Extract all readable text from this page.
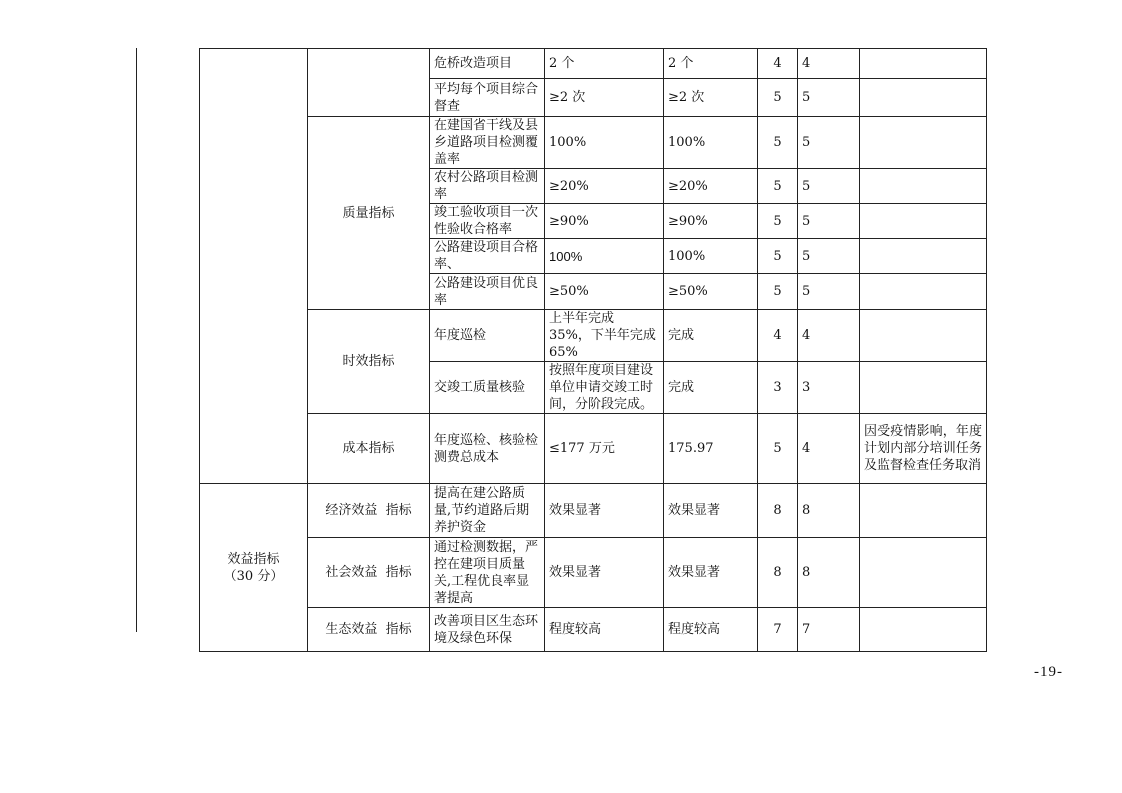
		危桥改造项目	2 个	2 个	4	4	
		平均每个项目综合督查	≥2 次	≥2 次	5	5	
	质量指标	在建国省干线及县乡道路项目检测覆盖率	100%	100%	5	5	
		农村公路项目检测率	≥20%	≥20%	5	5	
		竣工验收项目一次性验收合格率	≥90%	≥90%	5	5	
		公路建设项目合格率、	100%	100%	5	5	
		公路建设项目优良率	≥50%	≥50%	5	5	
	时效指标	年度巡检	上半年完成 35%，下半年完成 65%	完成	4	4	
		交竣工质量核验	按照年度项目建设单位申请交竣工时间，分阶段完成。	完成	3	3	
	成本指标	年度巡检、核验检测费总成本	≤177 万元	175.97	5	4	因受疫情影响，年度计划内部分培训任务及监督检查任务取消

效益指标
（30 分）	经济效益  指标	提高在建公路质量,节约道路后期养护资金	效果显著	效果显著	8	8	
	社会效益  指标	通过检测数据，严控在建项目质量关,工程优良率显著提高	效果显著	效果显著	8	8	
	生态效益  指标	改善项目区生态环境及绿色环保	程度较高	程度较高	7	7	
-19-
